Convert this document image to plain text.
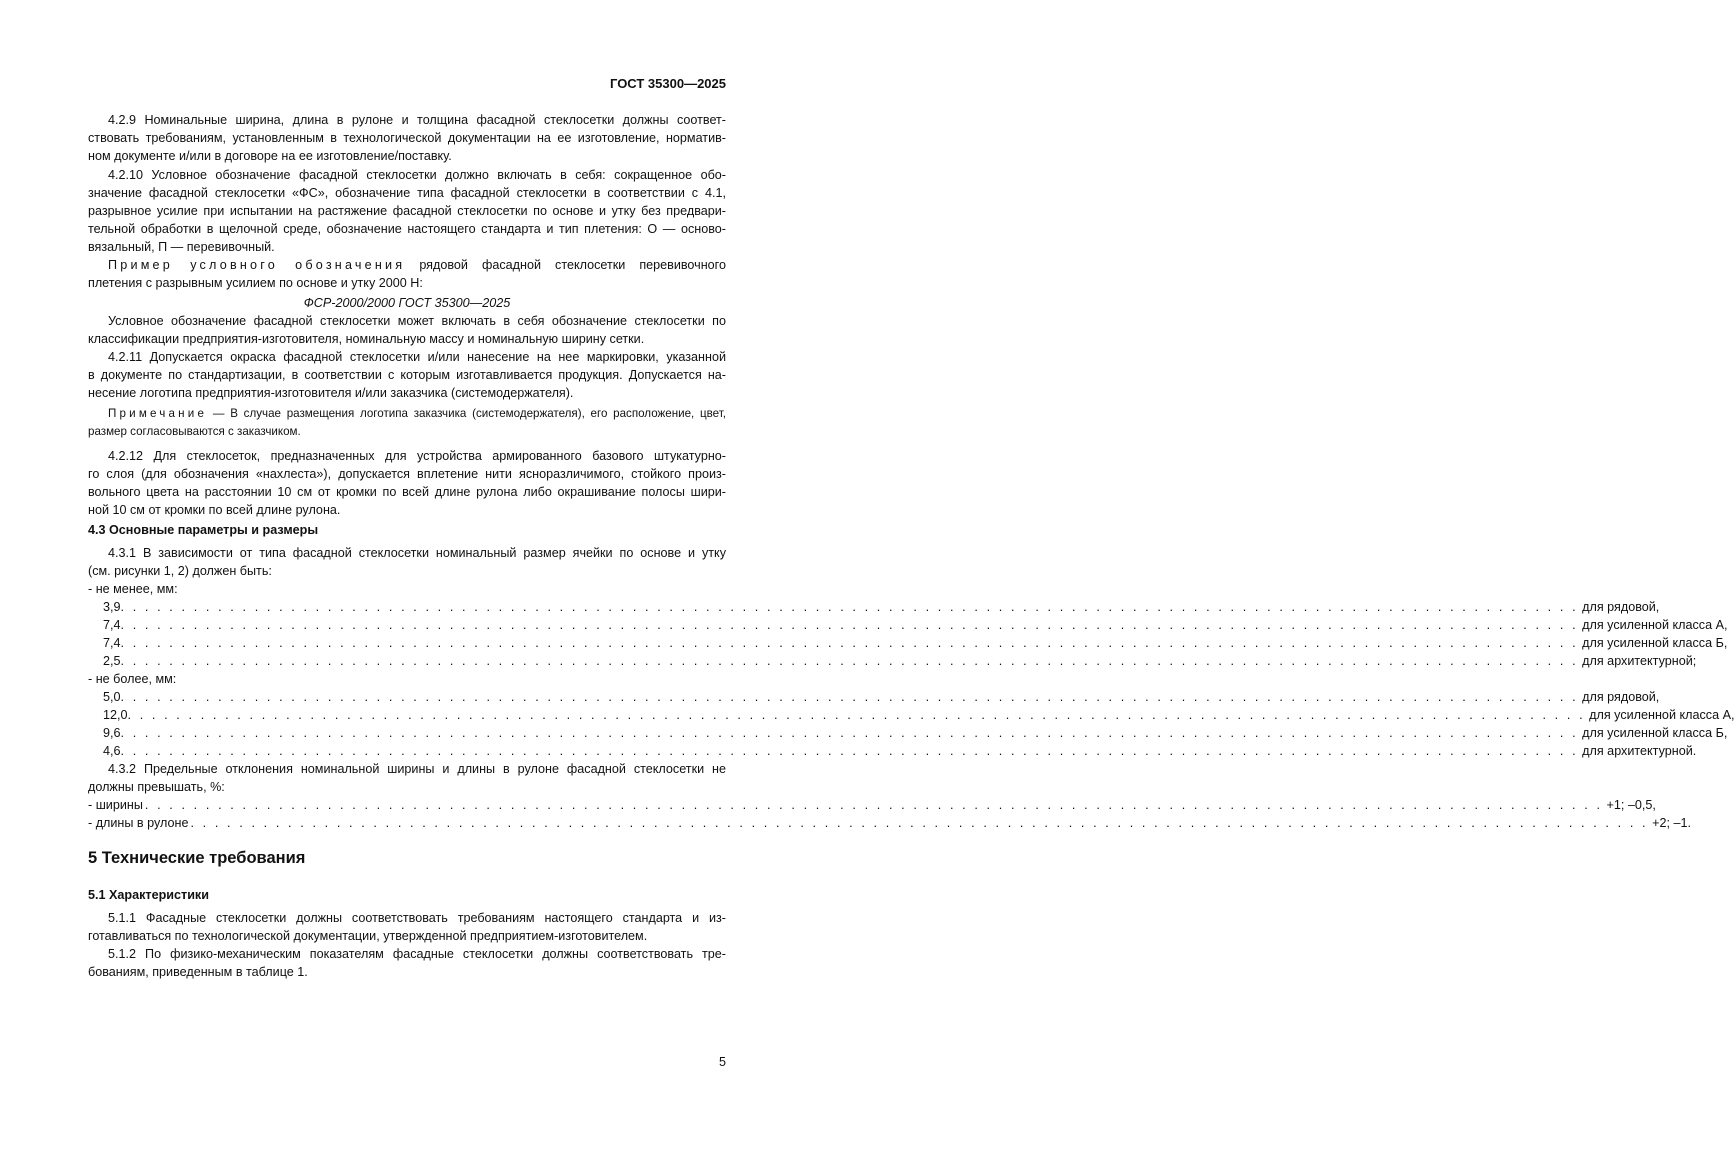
ГОСТ 35300—2025
4.2.9 Номинальные ширина, длина в рулоне и толщина фасадной стеклосетки должны соответ-
ствовать требованиям, установленным в технологической документации на ее изготовление, норматив-
ном документе и/или в договоре на ее изготовление/поставку.
4.2.10 Условное обозначение фасадной стеклосетки должно включать в себя: сокращенное обо-
значение фасадной стеклосетки «ФС», обозначение типа фасадной стеклосетки в соответствии с 4.1,
разрывное усилие при испытании на растяжение фасадной стеклосетки по основе и утку без предвари-
тельной обработки в щелочной среде, обозначение настоящего стандарта и тип плетения: О — осново-
вязальный, П — перевивочный.
Пример условного обозначения рядовой фасадной стеклосетки перевивочного
плетения с разрывным усилием по основе и утку 2000 Н:
ФСР-2000/2000 ГОСТ 35300—2025
Условное обозначение фасадной стеклосетки может включать в себя обозначение стеклосетки по
классификации предприятия-изготовителя, номинальную массу и номинальную ширину сетки.
4.2.11 Допускается окраска фасадной стеклосетки и/или нанесение на нее маркировки, указанной
в документе по стандартизации, в соответствии с которым изготавливается продукция. Допускается на-
несение логотипа предприятия-изготовителя и/или заказчика (системодержателя).
Примечание — В случае размещения логотипа заказчика (системодержателя), его расположение, цвет,
размер согласовываются с заказчиком.
4.2.12 Для стеклосеток, предназначенных для устройства армированного базового штукатурно-
го слоя (для обозначения «нахлеста»), допускается вплетение нити ясноразличимого, стойкого произ-
вольного цвета на расстоянии 10 см от кромки по всей длине рулона либо окрашивание полосы шири-
ной 10 см от кромки по всей длине рулона.
4.3 Основные параметры и размеры
4.3.1 В зависимости от типа фасадной стеклосетки номинальный размер ячейки по основе и утку
(см. рисунки 1, 2) должен быть:
- не менее, мм:
3,9 . . . . . . . . . . . . . . . . . . . . . . . . . . . . . . . . . . . . . . . . . . . . . . . . . . . . . . . . . . . . . . . . . . . . . . . . . . . . . . . . . . . . . . . . . . . . . . . . . . . . . . . . . . . . . . . . . . . . . . . . для рядовой,
7,4 . . . . . . . . . . . . . . . . . . . . . . . . . . . . . . . . . . . . . . . . . . . . . . . . . . . . . . . . . . . . . . . . . . . . . . . . . . . . . . . . . . . . . . . . . . . . . . . . . . . . . . . . . . . . . . . . . . . . . . . . для усиленной класса А,
7,4 . . . . . . . . . . . . . . . . . . . . . . . . . . . . . . . . . . . . . . . . . . . . . . . . . . . . . . . . . . . . . . . . . . . . . . . . . . . . . . . . . . . . . . . . . . . . . . . . . . . . . . . . . . . . . . . . . . . . . . . . для усиленной класса Б,
2,5 . . . . . . . . . . . . . . . . . . . . . . . . . . . . . . . . . . . . . . . . . . . . . . . . . . . . . . . . . . . . . . . . . . . . . . . . . . . . . . . . . . . . . . . . . . . . . . . . . . . . . . . . . . . . . . . . . . . . . . . . для архитектурной;
- не более, мм:
5,0 . . . . . . . . . . . . . . . . . . . . . . . . . . . . . . . . . . . . . . . . . . . . . . . . . . . . . . . . . . . . . . . . . . . . . . . . . . . . . . . . . . . . . . . . . . . . . . . . . . . . . . . . . . . . . . . . . . . . . . . . для рядовой,
12,0 . . . . . . . . . . . . . . . . . . . . . . . . . . . . . . . . . . . . . . . . . . . . . . . . . . . . . . . . . . . . . . . . . . . . . . . . . . . . . . . . . . . . . . . . . . . . . . . . . . . . . . . . . . . . . . . . . . . . . . . . для усиленной класса А,
9,6 . . . . . . . . . . . . . . . . . . . . . . . . . . . . . . . . . . . . . . . . . . . . . . . . . . . . . . . . . . . . . . . . . . . . . . . . . . . . . . . . . . . . . . . . . . . . . . . . . . . . . . . . . . . . . . . . . . . . . . . . для усиленной класса Б,
4,6 . . . . . . . . . . . . . . . . . . . . . . . . . . . . . . . . . . . . . . . . . . . . . . . . . . . . . . . . . . . . . . . . . . . . . . . . . . . . . . . . . . . . . . . . . . . . . . . . . . . . . . . . . . . . . . . . . . . . . . . . для архитектурной.
4.3.2 Предельные отклонения номинальной ширины и длины в рулоне фасадной стеклосетки не
должны превышать, %:
- ширины . . . . . . . . . . . . . . . . . . . . . . . . . . . . . . . . . . . . . . . . . . . . . . . . . . . . . . . . . . . . . . . . . . . . . . . . . . . . . . . . . . . . . . . . . . . . . . . . . . . . . . . . . . . . . . . . . . . . . . . . +1; –0,5,
- длины в рулоне . . . . . . . . . . . . . . . . . . . . . . . . . . . . . . . . . . . . . . . . . . . . . . . . . . . . . . . . . . . . . . . . . . . . . . . . . . . . . . . . . . . . . . . . . . . . . . . . . . . . . . . . . . . . . . . . . . . . . . . . +2; –1.
5 Технические требования
5.1 Характеристики
5.1.1 Фасадные стеклосетки должны соответствовать требованиям настоящего стандарта и из-
готавливаться по технологической документации, утвержденной предприятием-изготовителем.
5.1.2 По физико-механическим показателям фасадные стеклосетки должны соответствовать тре-
бованиям, приведенным в таблице 1.
5
